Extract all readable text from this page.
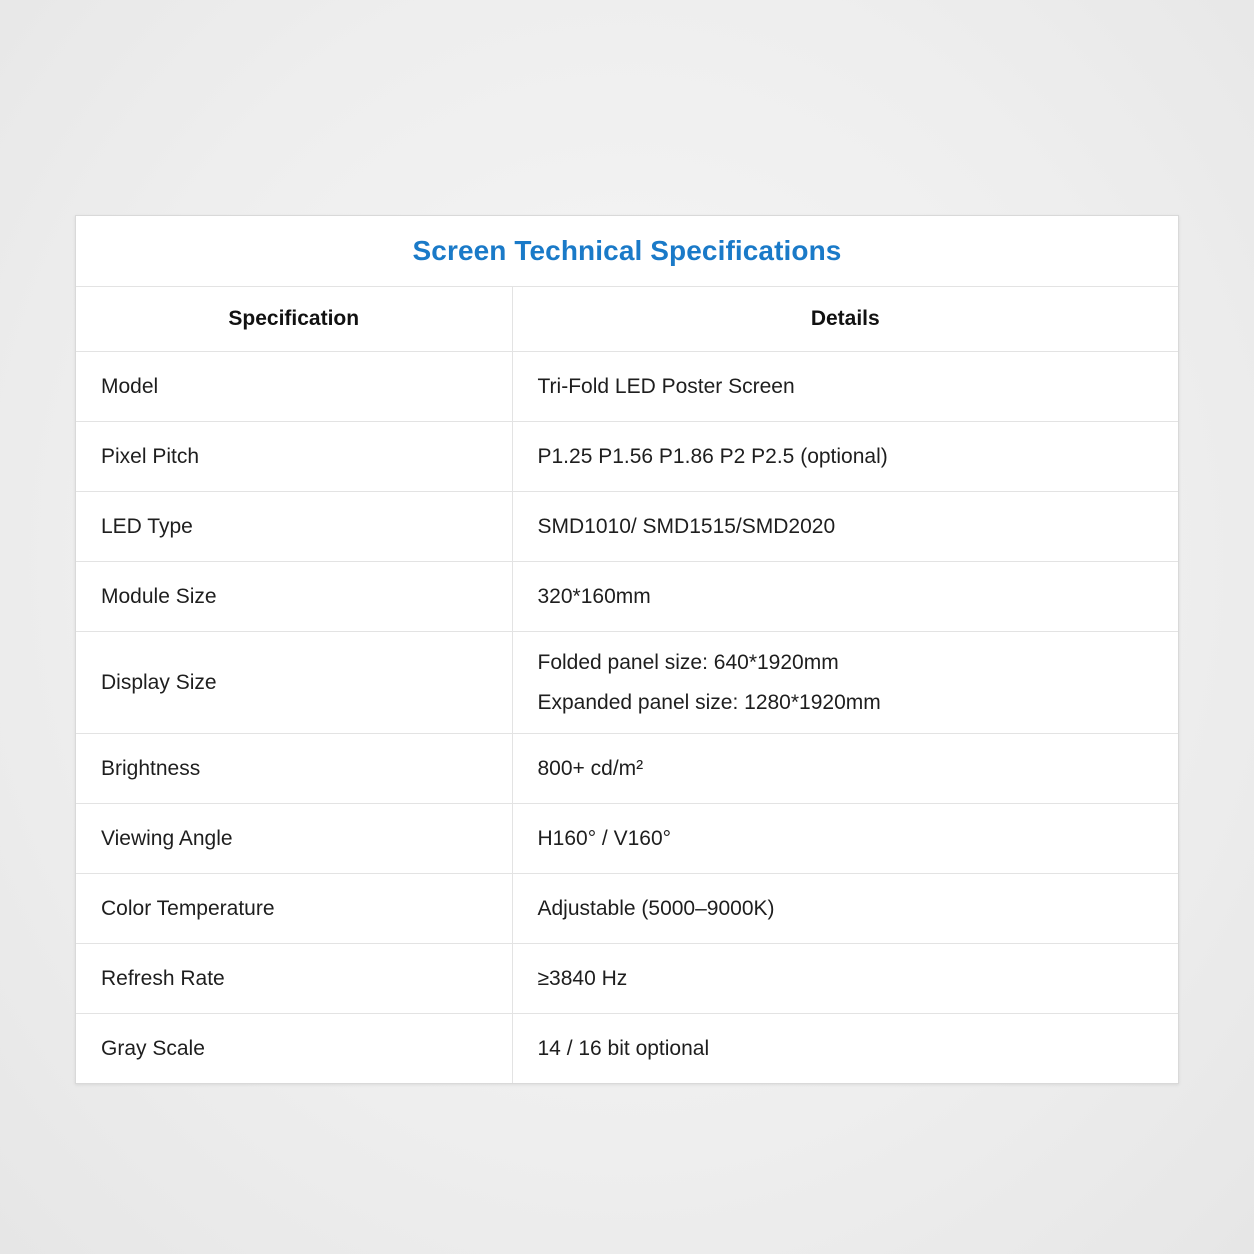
Screen Technical Specifications
Specification	Details
Model	Tri-Fold LED Poster Screen
Pixel Pitch	P1.25 P1.56 P1.86 P2 P2.5 (optional)
LED Type	SMD1010/ SMD1515/SMD2020
Module Size	320*160mm
Display Size	Folded panel size: 640*1920mm
Expanded panel size: 1280*1920mm

Brightness	800+ cd/m²
Viewing Angle	H160° / V160°
Color Temperature	Adjustable (5000–9000K)
Refresh Rate	≥3840 Hz
Gray Scale	14 / 16 bit optional
